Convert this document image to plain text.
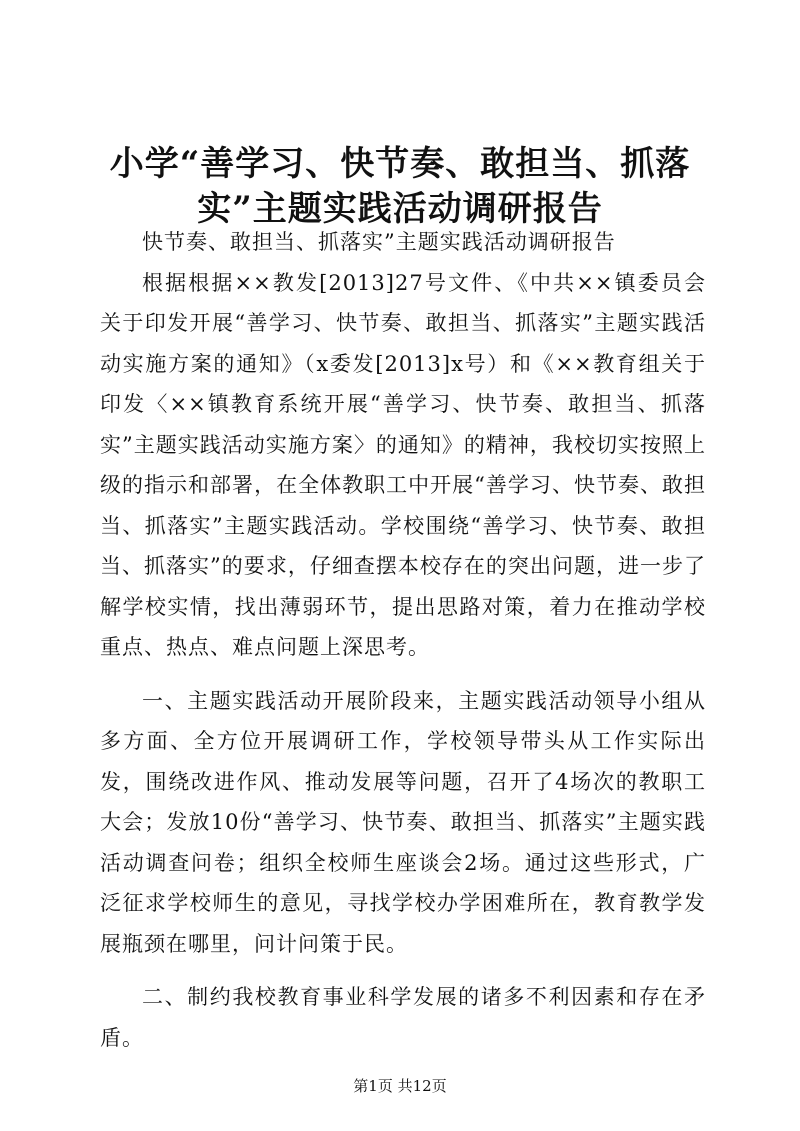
小学“善学习、快节奏、敢担当、抓落实”主题实践活动调研报告

快节奏、敢担当、抓落实”主题实践活动调研报告

根据根据××教发[2013]27号文件、《中共××镇委员会关于印发开展“善学习、快节奏、敢担当、抓落实”主题实践活动实施方案的通知》（x委发[2013]x号）和《××教育组关于印发〈××镇教育系统开展“善学习、快节奏、敢担当、抓落实”主题实践活动实施方案〉的通知》的精神，我校切实按照上级的指示和部署，在全体教职工中开展“善学习、快节奏、敢担当、抓落实”主题实践活动。学校围绕“善学习、快节奏、敢担当、抓落实”的要求，仔细查摆本校存在的突出问题，进一步了解学校实情，找出薄弱环节，提出思路对策，着力在推动学校重点、热点、难点问题上深思考。

一、主题实践活动开展阶段来，主题实践活动领导小组从多方面、全方位开展调研工作，学校领导带头从工作实际出发，围绕改进作风、推动发展等问题，召开了4场次的教职工大会；发放10份“善学习、快节奏、敢担当、抓落实”主题实践活动调查问卷；组织全校师生座谈会2场。通过这些形式，广泛征求学校师生的意见，寻找学校办学困难所在，教育教学发展瓶颈在哪里，问计问策于民。

二、制约我校教育事业科学发展的诸多不利因素和存在矛盾。

第1页 共12页
